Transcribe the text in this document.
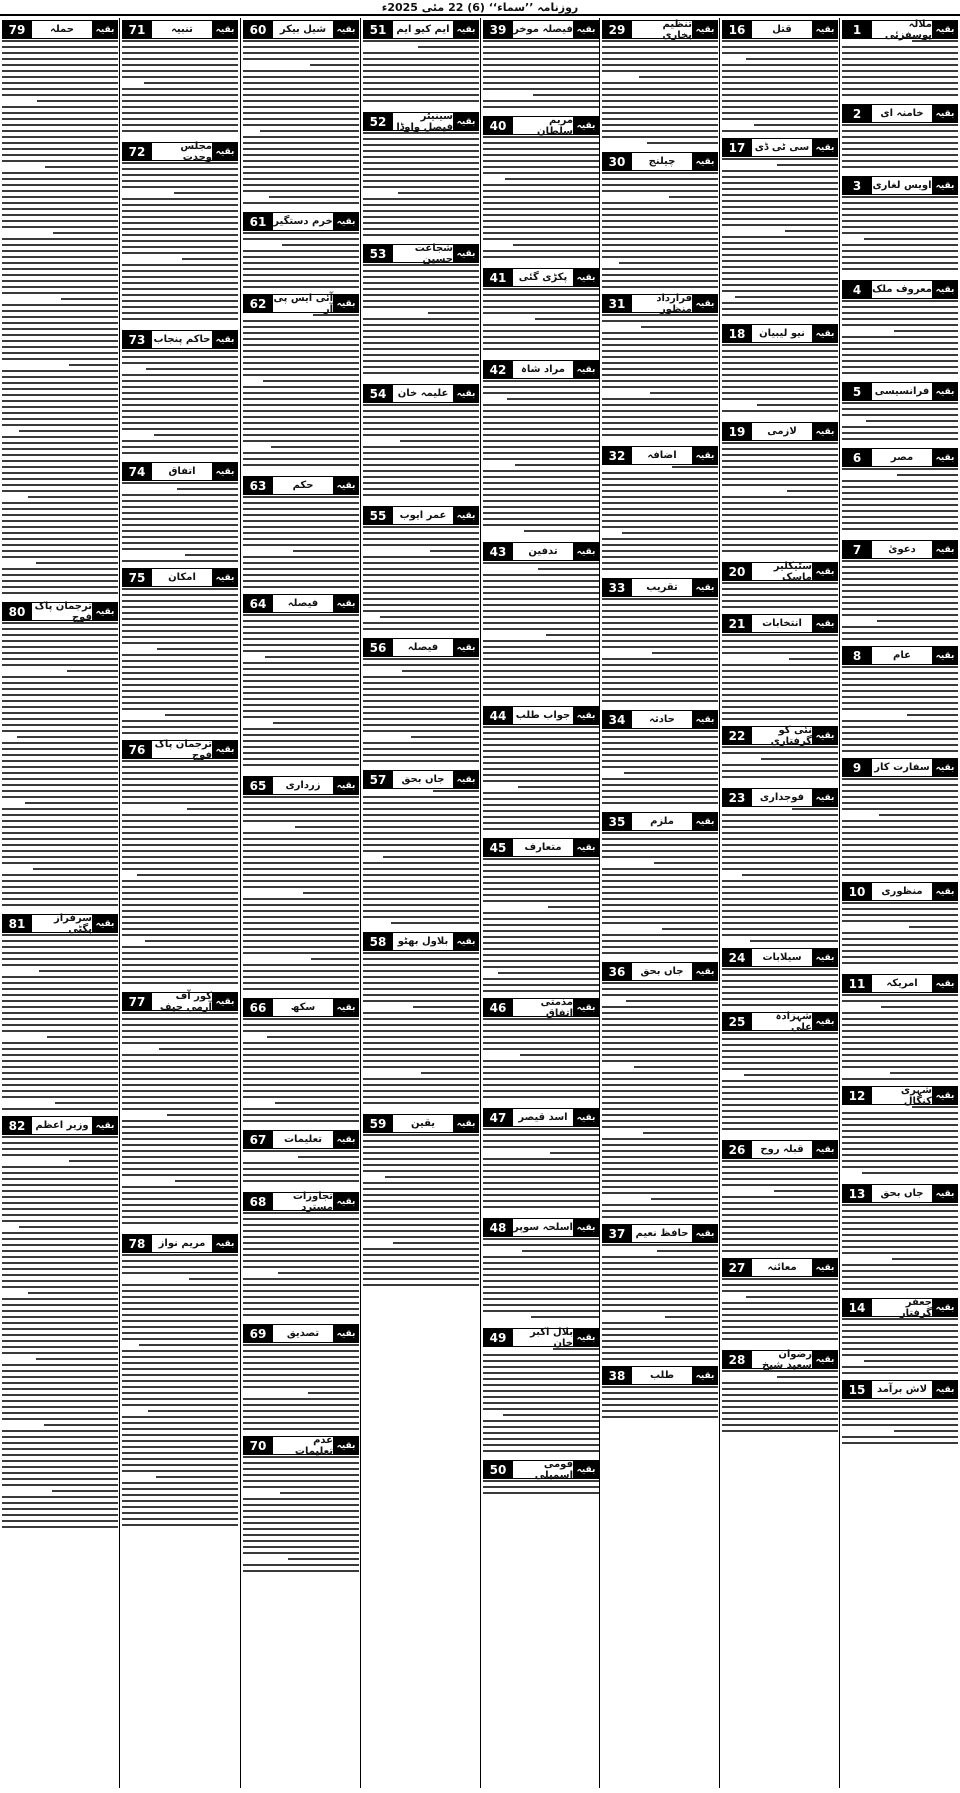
روزنامہ ’’سماء‘‘ (6) 22 مئی 2025ء
بقیہ
ملالہ یوسفزئی
1
بقیہ
خامنہ ای
2
بقیہ
اویس لغاری
3
بقیہ
معروف ملک
4
بقیہ
فرانسیسی
5
بقیہ
مصر
6
بقیہ
دعویٰ
7
بقیہ
عام
8
بقیہ
سفارت کار
9
بقیہ
منظوری
10
بقیہ
امریکہ
11
بقیہ
شہری کنگال
12
بقیہ
جاں بحق
13
بقیہ
جعفر گرفتار
14
بقیہ
لاش برآمد
15
بقیہ
قتل
16
بقیہ
سی ٹی ڈی
17
بقیہ
نیو لیبیان
18
بقیہ
لازمی
19
بقیہ
سٹیکلیر ماسک
20
بقیہ
انتخابات
21
بقیہ
نئی کو گرفتاری
22
بقیہ
فوجداری
23
بقیہ
سیلابات
24
بقیہ
شہزادہ علی
25
بقیہ
قبلہ روح
26
بقیہ
معائنہ
27
بقیہ
رضوان سعید شیخ
28
بقیہ
تنظیم بخاری
29
بقیہ
چیلنج
30
بقیہ
قرارداد منظور
31
بقیہ
اضافہ
32
بقیہ
تقریب
33
بقیہ
حادثہ
34
بقیہ
ملزم
35
بقیہ
جاں بحق
36
بقیہ
حافظ نعیم
37
بقیہ
طلب
38
بقیہ
فیصلہ موخر
39
بقیہ
مریم سلطان
40
بقیہ
پکڑی گئی
41
بقیہ
مراد شاہ
42
بقیہ
تدفین
43
بقیہ
جواب طلب
44
بقیہ
متعارف
45
بقیہ
مذمتی اتفاق
46
بقیہ
اسد قیصر
47
بقیہ
اسلحہ سوپر
48
بقیہ
بلال اکبر خان
49
بقیہ
قومی اسمبلی
50
بقیہ
ایم کیو ایم
51
بقیہ
سینیٹر فیصل واوڈا
52
بقیہ
شجاعت حسین
53
بقیہ
علیمہ خان
54
بقیہ
عمر ایوب
55
بقیہ
فیصلہ
56
بقیہ
جاں بحق
57
بقیہ
بلاول بھٹو
58
بقیہ
یقین
59
بقیہ
شیل بیکر
60
بقیہ
خرم دستگیر
61
بقیہ
آئی ایس پی آر
62
بقیہ
حکم
63
بقیہ
فیصلہ
64
بقیہ
زرداری
65
بقیہ
سکھ
66
بقیہ
تعلیمات
67
بقیہ
تجاوزات مسترد
68
بقیہ
تصدیق
69
بقیہ
عدم تعلیمات
70
بقیہ
تنبیہ
71
بقیہ
مجلس وحدت
72
بقیہ
حاکم پنجاب
73
بقیہ
اتفاق
74
بقیہ
امکان
75
بقیہ
ترجمان پاک فوج
76
بقیہ
کور آف آرمی چیف
77
بقیہ
مریم نواز
78
بقیہ
حملہ
79
بقیہ
ترجمان پاک فوج
80
بقیہ
سرفراز بگٹی
81
بقیہ
وزیر اعظم
82
